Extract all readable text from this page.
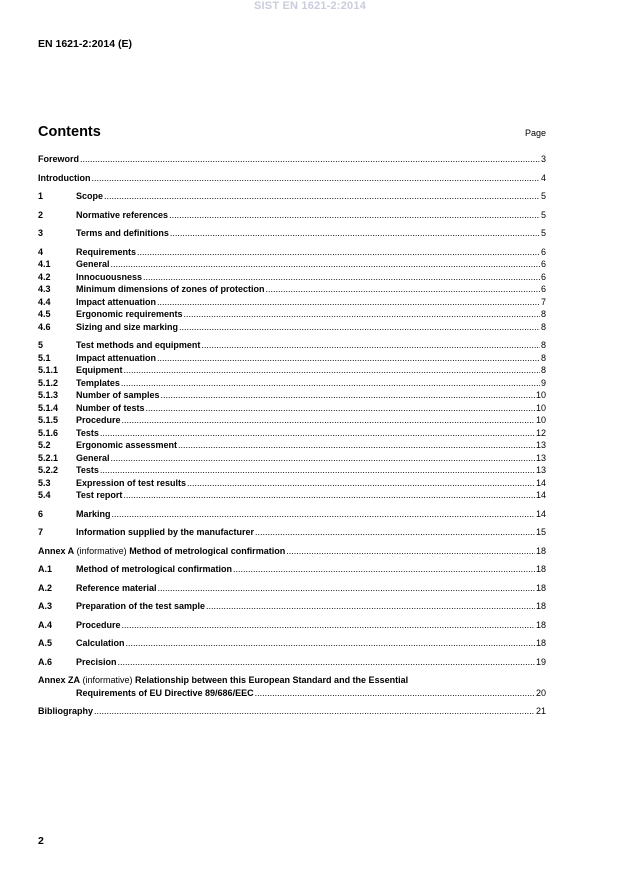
SIST EN 1621-2:2014
EN 1621-2:2014 (E)
Contents	Page
Foreword .....	3
Introduction .....	4
1	Scope .....	5
2	Normative references .....	5
3	Terms and definitions .....	5
4	Requirements .....	6
4.1	General .....	6
4.2	Innocuousness .....	6
4.3	Minimum dimensions of zones of protection .....	6
4.4	Impact attenuation .....	7
4.5	Ergonomic requirements .....	8
4.6	Sizing and size marking .....	8
5	Test methods and equipment .....	8
5.1	Impact attenuation .....	8
5.1.1 Equipment .....	8
5.1.2 Templates .....	9
5.1.3 Number of samples .....	10
5.1.4 Number of tests .....	10
5.1.5 Procedure .....	10
5.1.6 Tests .....	12
5.2	Ergonomic assessment .....	13
5.2.1 General .....	13
5.2.2 Tests .....	13
5.3	Expression of test results .....	14
5.4	Test report .....	14
6	Marking .....	14
7	Information supplied by the manufacturer .....	15
Annex A (informative) Method of metrological confirmation .....	18
A.1	Method of metrological confirmation .....	18
A.2	Reference material .....	18
A.3	Preparation of the test sample .....	18
A.4	Procedure .....	18
A.5	Calculation .....	18
A.6	Precision .....	19
Annex ZA (informative) Relationship between this European Standard and the Essential
Requirements of EU Directive 89/686/EEC .....	20
Bibliography .....	21
2
